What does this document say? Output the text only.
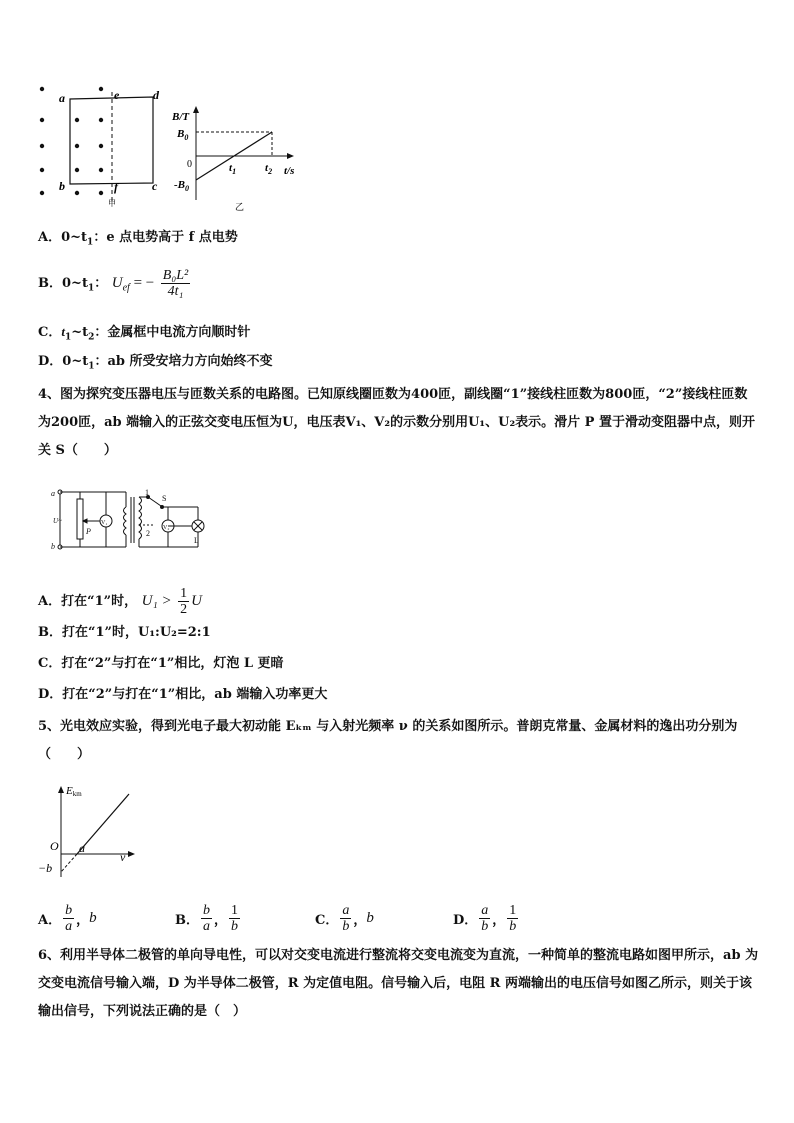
a	e	d
b	f	c
甲
B/T
$B_0$
0
$-B_0$
$t_1$	$t_2$ t/s
乙
A．$0\sim t_1$：e 点电势高于 f 点电势
B．$0\sim t_1$： $U_{ef}$ = − $\frac{\text{B₀L²}}{\text{4t₁}}$
C．$t_1\sim t_2$：金属框中电流方向顺时针
D．$0\sim t_1$：ab 所受安培力方向始终不变
4、图为探究变压器电压与匝数关系的电路图。已知原线圈匝数为400匝，副线圈“1”接线柱匝数为800匝，“2”接线柱匝数为200匝，ab 端输入的正弦交变电压恒为U，电压表V₁、V₂的示数分别用U₁、U₂表示。滑片 P 置于滑动变阻器中点，则开关 S（　　）
a
b
U~
P
V₁
1
2
S
V₂
L
A．打在“1”时， $U_1 > \frac{1}{2}$ U
B．打在“1”时，U₁:U₂=2:1
C．打在“2”与打在“1”相比，灯泡 L 更暗
D．打在“2”与打在“1”相比，ab 端输入功率更大
5、光电效应实验，得到光电子最大初动能 Eₖₘ 与入射光频率 ν 的关系如图所示。普朗克常量、金属材料的逸出功分别为（　　）
Ekm
O a
ν
−b
A． $\frac{b}{a}$ ， b	B． $\frac{b}{a}$ ， $\frac{1}{b}$	C． $\frac{a}{b}$ ， b	D． $\frac{a}{b}$ ， $\frac{1}{b}$
6、利用半导体二极管的单向导电性，可以对交变电流进行整流将交变电流变为直流，一种简单的整流电路如图甲所示，ab 为交变电流信号输入端，D 为半导体二极管，R 为定值电阻。信号输入后，电阻 R 两端输出的电压信号如图乙所示，则关于该输出信号，下列说法正确的是（　）
